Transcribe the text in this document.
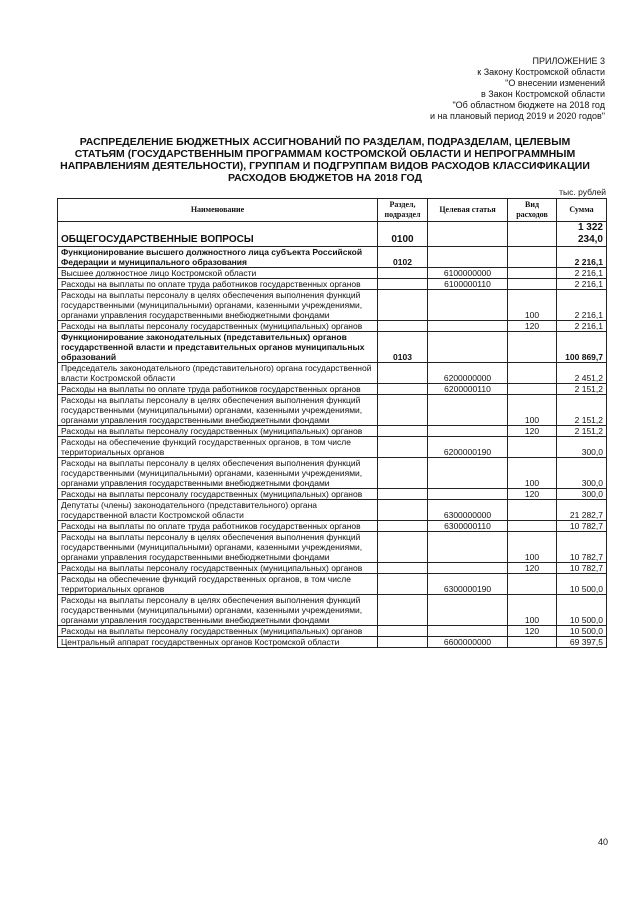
ПРИЛОЖЕНИЕ 3
к Закону Костромской области
"О внесении изменений
в Закон Костромской области
"Об областном бюджете на 2018 год
и на плановый период 2019 и 2020 годов"
РАСПРЕДЕЛЕНИЕ БЮДЖЕТНЫХ АССИГНОВАНИЙ ПО РАЗДЕЛАМ, ПОДРАЗДЕЛАМ, ЦЕЛЕВЫМ
СТАТЬЯМ (ГОСУДАРСТВЕННЫМ ПРОГРАММАМ КОСТРОМСКОЙ ОБЛАСТИ И НЕПРОГРАММНЫМ
НАПРАВЛЕНИЯМ ДЕЯТЕЛЬНОСТИ), ГРУППАМ И ПОДГРУППАМ ВИДОВ РАСХОДОВ КЛАССИФИКАЦИИ
РАСХОДОВ БЮДЖЕТОВ НА 2018 ГОД
тыс. рублей
Наименование	Раздел, подраздел	Целевая статья	Вид расходов	Сумма
ОБЩЕГОСУДАРСТВЕННЫЕ ВОПРОСЫ	0100			1 322 234,0
Функционирование высшего должностного лица субъекта Российской Федерации и муниципального образования	0102			2 216,1
Высшее должностное лицо Костромской области		6100000000		2 216,1
Расходы на выплаты по оплате труда работников государственных органов		6100000110		2 216,1
Расходы на выплаты персоналу в целях обеспечения выполнения функций государственными (муниципальными) органами, казенными учреждениями, органами управления государственными внебюджетными фондами			100	2 216,1
Расходы на выплаты персоналу государственных (муниципальных) органов			120	2 216,1
Функционирование законодательных (представительных) органов государственной власти и представительных органов муниципальных образований	0103			100 869,7
Председатель законодательного (представительного) органа государственной власти Костромской области		6200000000		2 451,2
Расходы на выплаты по оплате труда работников государственных органов		6200000110		2 151,2
Расходы на выплаты персоналу в целях обеспечения выполнения функций государственными (муниципальными) органами, казенными учреждениями, органами управления государственными внебюджетными фондами			100	2 151,2
Расходы на выплаты персоналу государственных (муниципальных) органов			120	2 151,2
Расходы на обеспечение функций государственных органов, в том числе территориальных органов		6200000190		300,0
Расходы на выплаты персоналу в целях обеспечения выполнения функций государственными (муниципальными) органами, казенными учреждениями, органами управления государственными внебюджетными фондами			100	300,0
Расходы на выплаты персоналу государственных (муниципальных) органов			120	300,0
Депутаты (члены) законодательного (представительного) органа государственной власти Костромской области		6300000000		21 282,7
Расходы на выплаты по оплате труда работников государственных органов		6300000110		10 782,7
Расходы на выплаты персоналу в целях обеспечения выполнения функций государственными (муниципальными) органами, казенными учреждениями, органами управления государственными внебюджетными фондами			100	10 782,7
Расходы на выплаты персоналу государственных (муниципальных) органов			120	10 782,7
Расходы на обеспечение функций государственных органов, в том числе территориальных органов		6300000190		10 500,0
Расходы на выплаты персоналу в целях обеспечения выполнения функций государственными (муниципальными) органами, казенными учреждениями, органами управления государственными внебюджетными фондами			100	10 500,0
Расходы на выплаты персоналу государственных (муниципальных) органов			120	10 500,0
Центральный аппарат государственных органов Костромской области		6600000000		69 397,5
40
